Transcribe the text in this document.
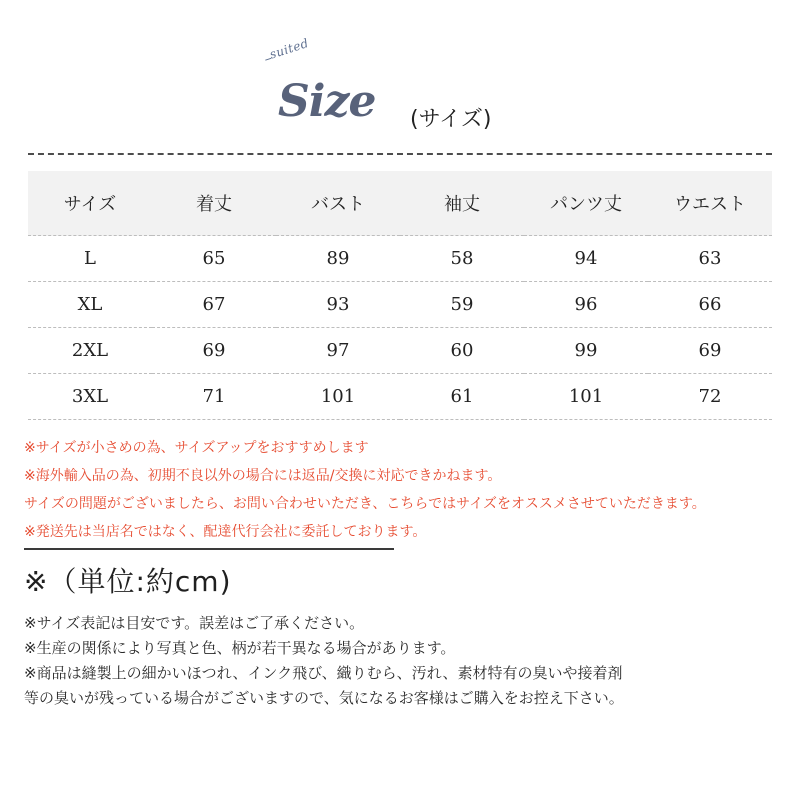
suited
Size (サイズ)
サイズ	着丈	バスト	袖丈	パンツ丈	ウエスト
L	65	89	58	94	63
XL	67	93	59	96	66
2XL	69	97	60	99	69
3XL	71	101	61	101	72
※サイズが小さめの為、サイズアップをおすすめします
※海外輸入品の為、初期不良以外の場合には返品/交換に対応できかねます。
サイズの問題がございましたら、お問い合わせいただき、こちらではサイズをオススメさせていただきます。
※発送先は当店名ではなく、配達代行会社に委託しております。
※（単位:約cm)
※サイズ表記は目安です。誤差はご了承ください。
※生産の関係により写真と色、柄が若干異なる場合があります。
※商品は縫製上の細かいほつれ、インク飛び、織りむら、汚れ、素材特有の臭いや接着剤
等の臭いが残っている場合がございますので、気になるお客様はご購入をお控え下さい。
